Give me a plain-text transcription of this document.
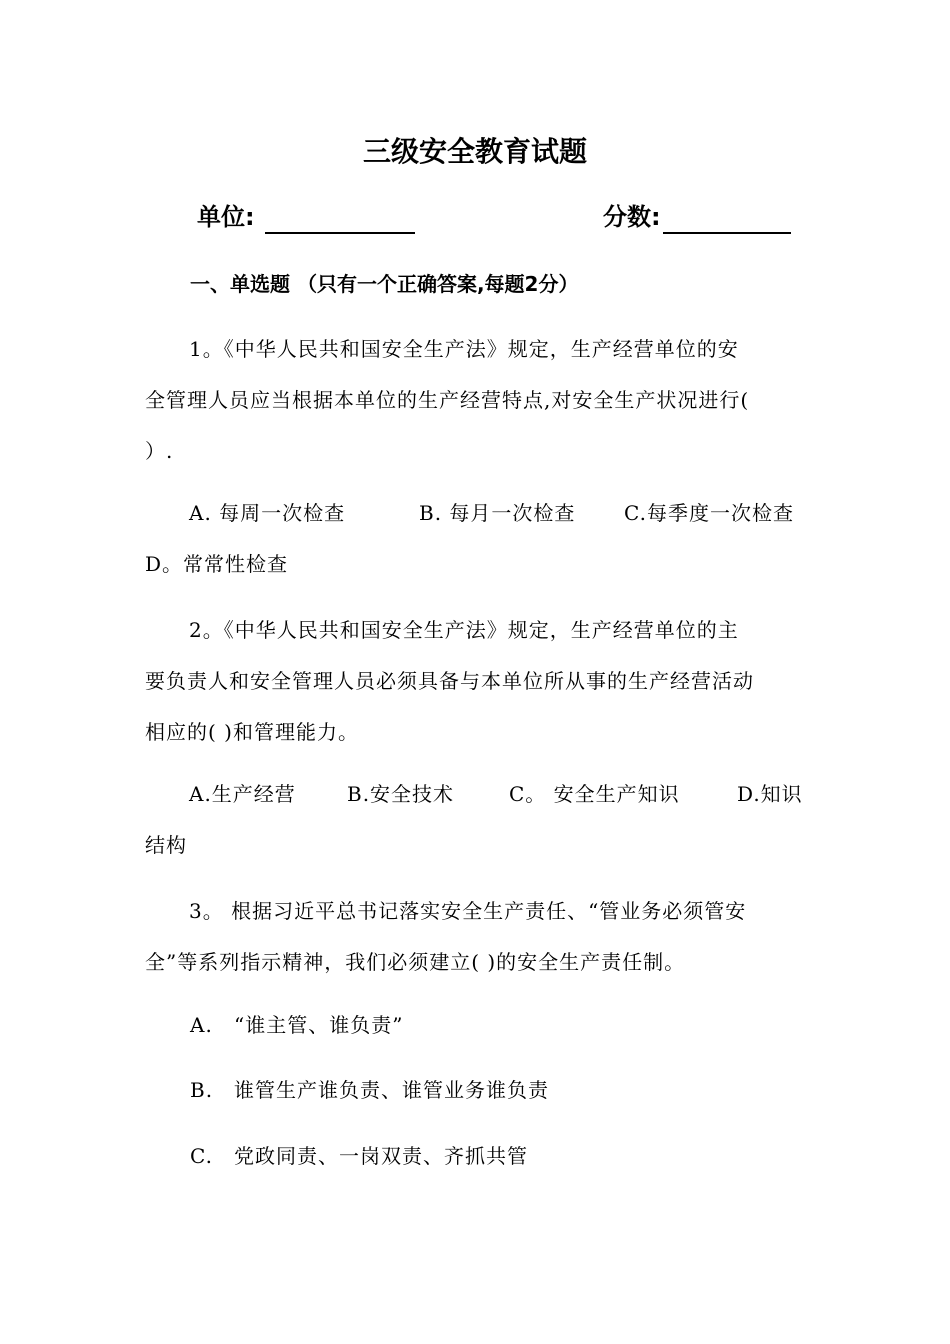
三级安全教育试题
单位:	分数:
一、单选题 （只有一个正确答案,每题2分）
1。《中华人民共和国安全生产法》规定，生产经营单位的安
全管理人员应当根据本单位的生产经营特点,对安全生产状况进行(
）.
A. 每周一次检查	B. 每月一次检查 C.每季度一次检查
D。常常性检查
2。《中华人民共和国安全生产法》规定，生产经营单位的主
要负责人和安全管理人员必须具备与本单位所从事的生产经营活动
相应的( )和管理能力。
A.生产经营	B.安全技术	C。 安全生产知识	D.知识
结构
3。 根据习近平总书记落实安全生产责任、“管业务必须管安
全”等系列指示精神，我们必须建立( )的安全生产责任制。
A. “谁主管、谁负责”
B. 谁管生产谁负责、谁管业务谁负责
C. 党政同责、一岗双责、齐抓共管
